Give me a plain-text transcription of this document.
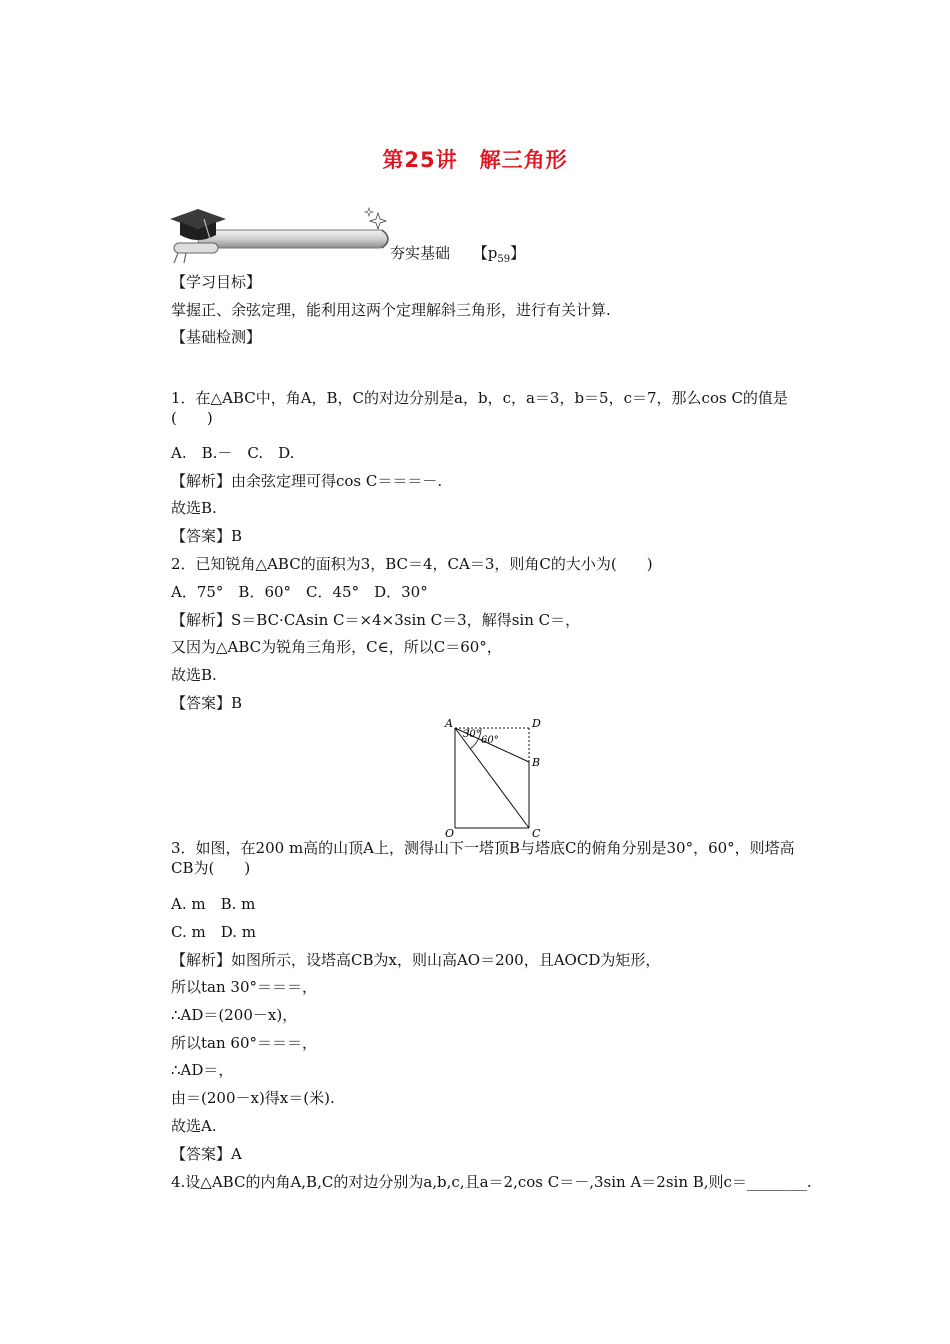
第25讲　解三角形
夯实基础 【$p_{59}$】
【学习目标】
掌握正、余弦定理，能利用这两个定理解斜三角形，进行有关计算.
【基础检测】
1．在△ABC中，角A，B，C的对边分别是a，b，c，a＝3，b＝5，c＝7，那么cos C的值是(　　)
A.　B.－　C.　D.
【解析】由余弦定理可得cos C＝＝＝－.
故选B.
【答案】B
2．已知锐角△ABC的面积为3，BC＝4，CA＝3，则角C的大小为(　　)
A．75°　B．60°　C．45°　D．30°
【解析】S＝BC·CAsin C＝×4×3sin C＝3，解得sin C＝，
又因为△ABC为锐角三角形，C∈，所以C＝60°，
故选B.
【答案】B
3．如图，在200 m高的山顶A上，测得山下一塔顶B与塔底C的俯角分别是30°，60°，则塔高CB为(　　)
A. m　B. m
C. m　D. m
【解析】如图所示，设塔高CB为x，则山高AO＝200，且AOCD为矩形，
所以tan 30°＝＝＝，
∴AD＝(200－x)，
所以tan 60°＝＝＝，
∴AD＝，
由＝(200－x)得x＝(米).
故选A.
【答案】A
4.设△ABC的内角A,B,C的对边分别为a,b,c,且a＝2,cos C＝－,3sin A＝2sin B,则c＝________.
A	D
B
O	C
30°
60°
